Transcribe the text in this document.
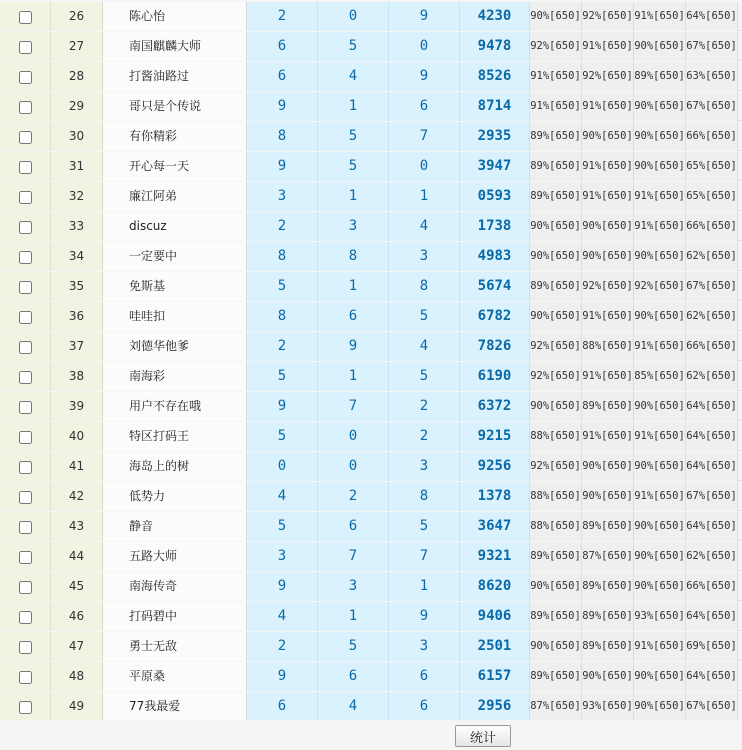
26	陈心怡	2	0	9	4230	90%[650] 92%[650] 91%[650] 64%[650]
27	南国麒麟大师	6	5	0	9478	92%[650] 91%[650] 90%[650] 67%[650]
28	打酱油路过	6	4	9	8526	91%[650] 92%[650] 89%[650] 63%[650]
29	哥只是个传说	9	1	6	8714	91%[650] 91%[650] 90%[650] 67%[650]
30	有你精彩	8	5	7	2935	89%[650] 90%[650] 90%[650] 66%[650]
31	开心每一天	9	5	0	3947	89%[650] 91%[650] 90%[650] 65%[650]
32	廉江阿弟	3	1	1	0593	89%[650] 91%[650] 91%[650] 65%[650]
33	discuz	2	3	4	1738	90%[650] 90%[650] 91%[650] 66%[650]
34	一定要中	8	8	3	4983	90%[650] 90%[650] 90%[650] 62%[650]
35	免斯基	5	1	8	5674	89%[650] 92%[650] 92%[650] 67%[650]
36	哇哇扣	8	6	5	6782	90%[650] 91%[650] 90%[650] 62%[650]
37	刘德华他爹	2	9	4	7826	92%[650] 88%[650] 91%[650] 66%[650]
38	南海彩	5	1	5	6190	92%[650] 91%[650] 85%[650] 62%[650]
39	用户不存在哦	9	7	2	6372	90%[650] 89%[650] 90%[650] 64%[650]
40	特区打码王	5	0	2	9215	88%[650] 91%[650] 91%[650] 64%[650]
41	海岛上的树	0	0	3	9256	92%[650] 90%[650] 90%[650] 64%[650]
42	低势力	4	2	8	1378	88%[650] 90%[650] 91%[650] 67%[650]
43	静音	5	6	5	3647	88%[650] 89%[650] 90%[650] 64%[650]
44	五路大师	3	7	7	9321	89%[650] 87%[650] 90%[650] 62%[650]
45	南海传奇	9	3	1	8620	90%[650] 89%[650] 90%[650] 66%[650]
46	打码碧中	4	1	9	9406	89%[650] 89%[650] 93%[650] 64%[650]
47	勇士无敌	2	5	3	2501	90%[650] 89%[650] 91%[650] 69%[650]
48	平原桑	9	6	6	6157	89%[650] 90%[650] 90%[650] 64%[650]
49	77我最爱	6	4	6	2956	87%[650] 93%[650] 90%[650] 67%[650]
统计
